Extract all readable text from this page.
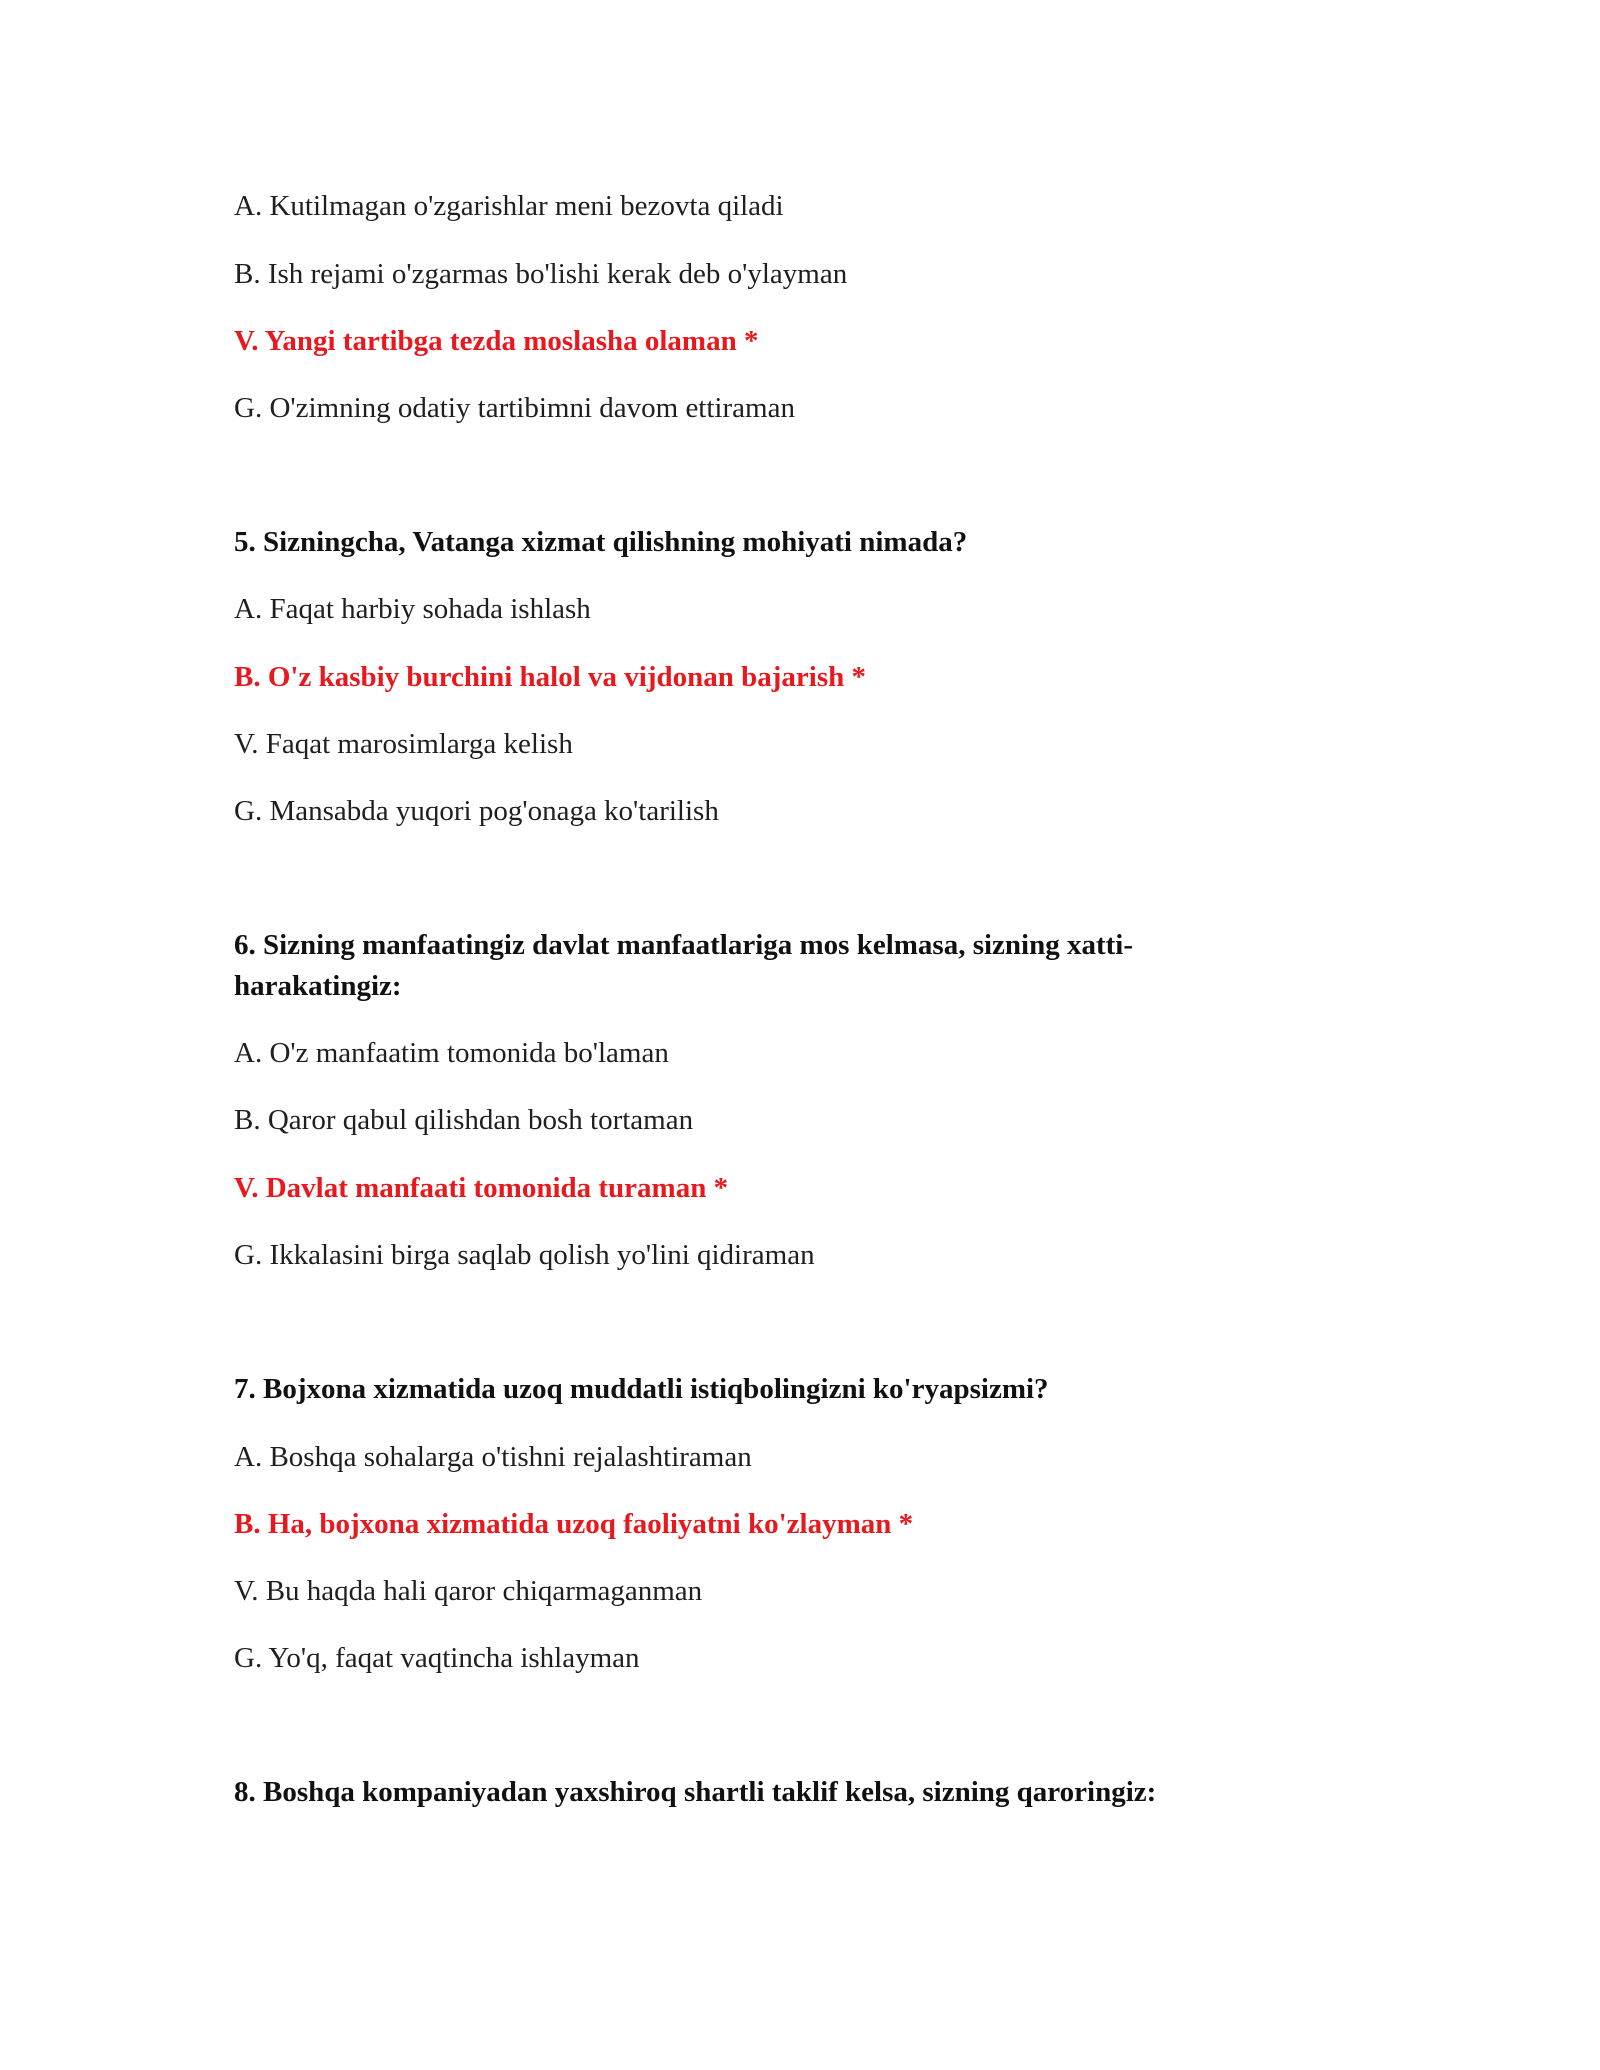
A. Kutilmagan o'zgarishlar meni bezovta qiladi
B. Ish rejami o'zgarmas bo'lishi kerak deb o'ylayman
V. Yangi tartibga tezda moslasha olaman *
G. O'zimning odatiy tartibimni davom ettiraman
5. Sizningcha, Vatanga xizmat qilishning mohiyati nimada?
A. Faqat harbiy sohada ishlash
B. O'z kasbiy burchini halol va vijdonan bajarish *
V. Faqat marosimlarga kelish
G. Mansabda yuqori pog'onaga ko'tarilish
6. Sizning manfaatingiz davlat manfaatlariga mos kelmasa, sizning xatti-
harakatingiz:
A. O'z manfaatim tomonida bo'laman
B. Qaror qabul qilishdan bosh tortaman
V. Davlat manfaati tomonida turaman *
G. Ikkalasini birga saqlab qolish yo'lini qidiraman
7. Bojxona xizmatida uzoq muddatli istiqbolingizni ko'ryapsizmi?
A. Boshqa sohalarga o'tishni rejalashtiraman
B. Ha, bojxona xizmatida uzoq faoliyatni ko'zlayman *
V. Bu haqda hali qaror chiqarmaganman
G. Yo'q, faqat vaqtincha ishlayman
8. Boshqa kompaniyadan yaxshiroq shartli taklif kelsa, sizning qaroringiz:
